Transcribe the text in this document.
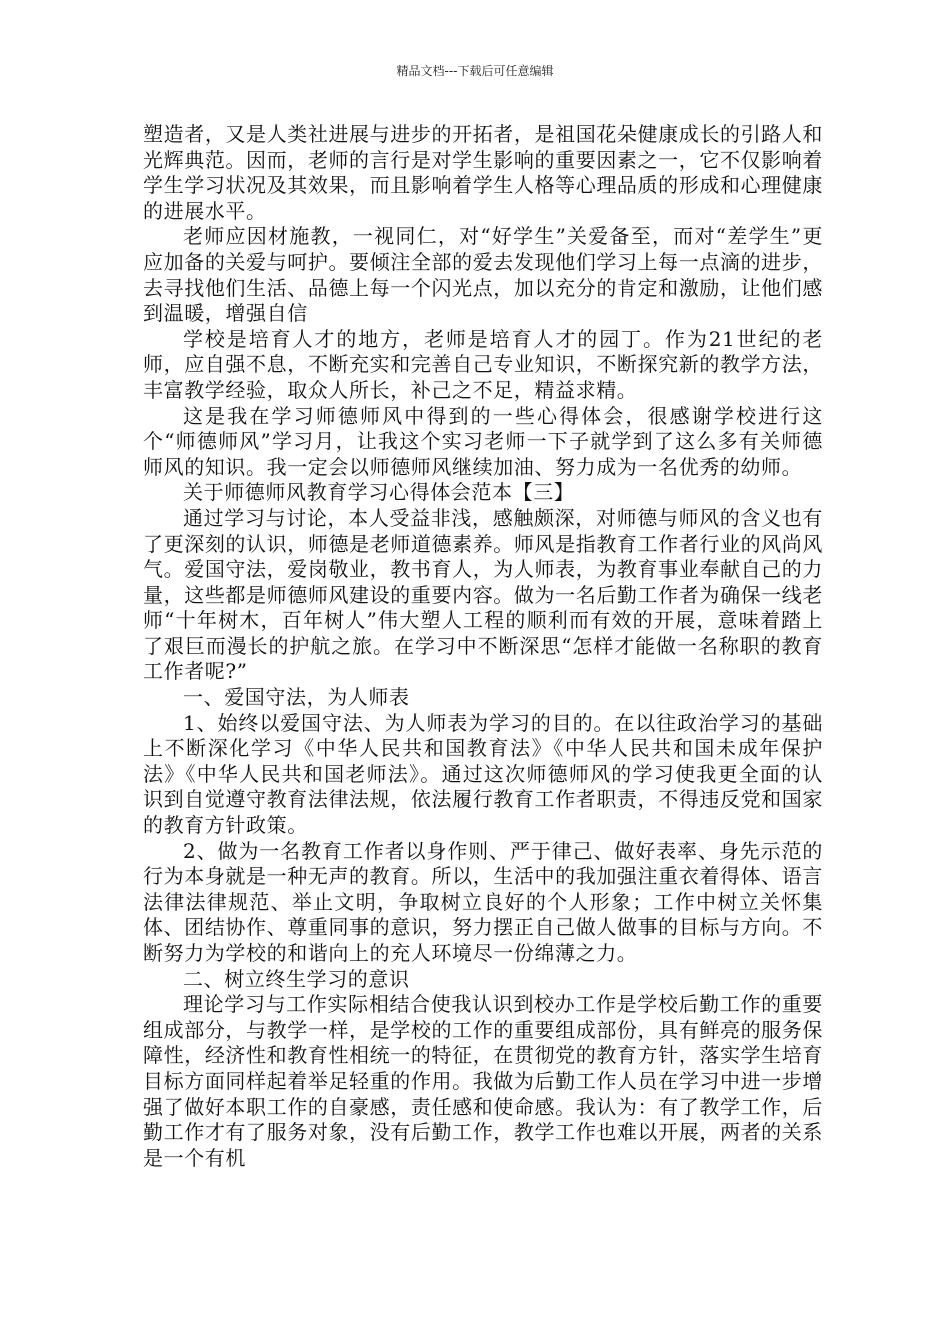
精品文档---下载后可任意编辑

塑造者，又是人类社进展与进步的开拓者，是祖国花朵健康成长的引路人和光辉典范。因而，老师的言行是对学生影响的重要因素之一，它不仅影响着学生学习状况及其效果，而且影响着学生人格等心理品质的形成和心理健康的进展水平。

老师应因材施教，一视同仁，对“好学生”关爱备至，而对“差学生”更应加备的关爱与呵护。要倾注全部的爱去发现他们学习上每一点滴的进步，去寻找他们生活、品德上每一个闪光点，加以充分的肯定和激励，让他们感到温暖，增强自信

学校是培育人才的地方，老师是培育人才的园丁。作为21世纪的老师，应自强不息，不断充实和完善自己专业知识，不断探究新的教学方法，丰富教学经验，取众人所长，补己之不足，精益求精。

这是我在学习师德师风中得到的一些心得体会，很感谢学校进行这个“师德师风”学习月，让我这个实习老师一下子就学到了这么多有关师德师风的知识。我一定会以师德师风继续加油、努力成为一名优秀的幼师。

关于师德师风教育学习心得体会范本【三】

通过学习与讨论，本人受益非浅，感触颇深，对师德与师风的含义也有了更深刻的认识，师德是老师道德素养。师风是指教育工作者行业的风尚风气。爱国守法，爱岗敬业，教书育人，为人师表，为教育事业奉献自己的力量，这些都是师德师风建设的重要内容。做为一名后勤工作者为确保一线老师“十年树木，百年树人”伟大塑人工程的顺利而有效的开展，意味着踏上了艰巨而漫长的护航之旅。在学习中不断深思“怎样才能做一名称职的教育工作者呢?”

一、爱国守法，为人师表

1、始终以爱国守法、为人师表为学习的目的。在以往政治学习的基础上不断深化学习《中华人民共和国教育法》《中华人民共和国未成年保护法》《中华人民共和国老师法》。通过这次师德师风的学习使我更全面的认识到自觉遵守教育法律法规，依法履行教育工作者职责，不得违反党和国家的教育方针政策。

2、做为一名教育工作者以身作则、严于律己、做好表率、身先示范的行为本身就是一种无声的教育。所以，生活中的我加强注重衣着得体、语言法律法律规范、举止文明，争取树立良好的个人形象；工作中树立关怀集体、团结协作、尊重同事的意识，努力摆正自己做人做事的目标与方向。不断努力为学校的和谐向上的充人环境尽一份绵薄之力。

二、树立终生学习的意识

理论学习与工作实际相结合使我认识到校办工作是学校后勤工作的重要组成部分，与教学一样，是学校的工作的重要组成部份，具有鲜亮的服务保障性，经济性和教育性相统一的特征，在贯彻党的教育方针，落实学生培育目标方面同样起着举足轻重的作用。我做为后勤工作人员在学习中进一步增强了做好本职工作的自豪感，责任感和使命感。我认为：有了教学工作，后勤工作才有了服务对象，没有后勤工作，教学工作也难以开展，两者的关系是一个有机
